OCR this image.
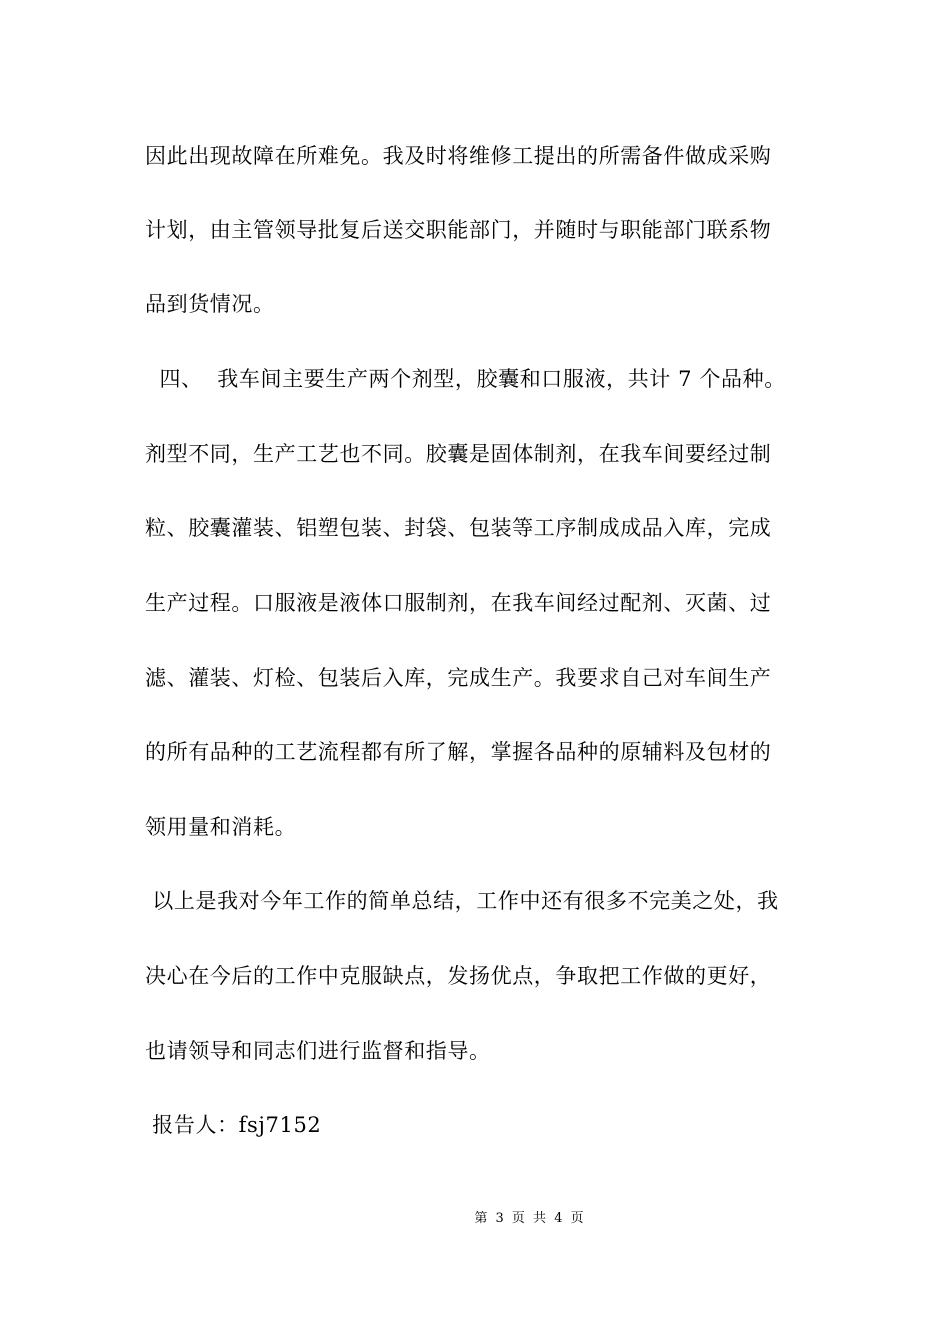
因此出现故障在所难免。我及时将维修工提出的所需备件做成采购
计划，由主管领导批复后送交职能部门，并随时与职能部门联系物
品到货情况。
四、  我车间主要生产两个剂型，胶囊和口服液，共计 7 个品种。
剂型不同，生产工艺也不同。胶囊是固体制剂，在我车间要经过制
粒、胶囊灌装、铝塑包装、封袋、包装等工序制成成品入库，完成
生产过程。口服液是液体口服制剂，在我车间经过配剂、灭菌、过
滤、灌装、灯检、包装后入库，完成生产。我要求自己对车间生产
的所有品种的工艺流程都有所了解，掌握各品种的原辅料及包材的
领用量和消耗。
以上是我对今年工作的简单总结，工作中还有很多不完美之处，我
决心在今后的工作中克服缺点，发扬优点，争取把工作做的更好，
也请领导和同志们进行监督和指导。
报告人：fsj7152
第 3 页 共 4 页
